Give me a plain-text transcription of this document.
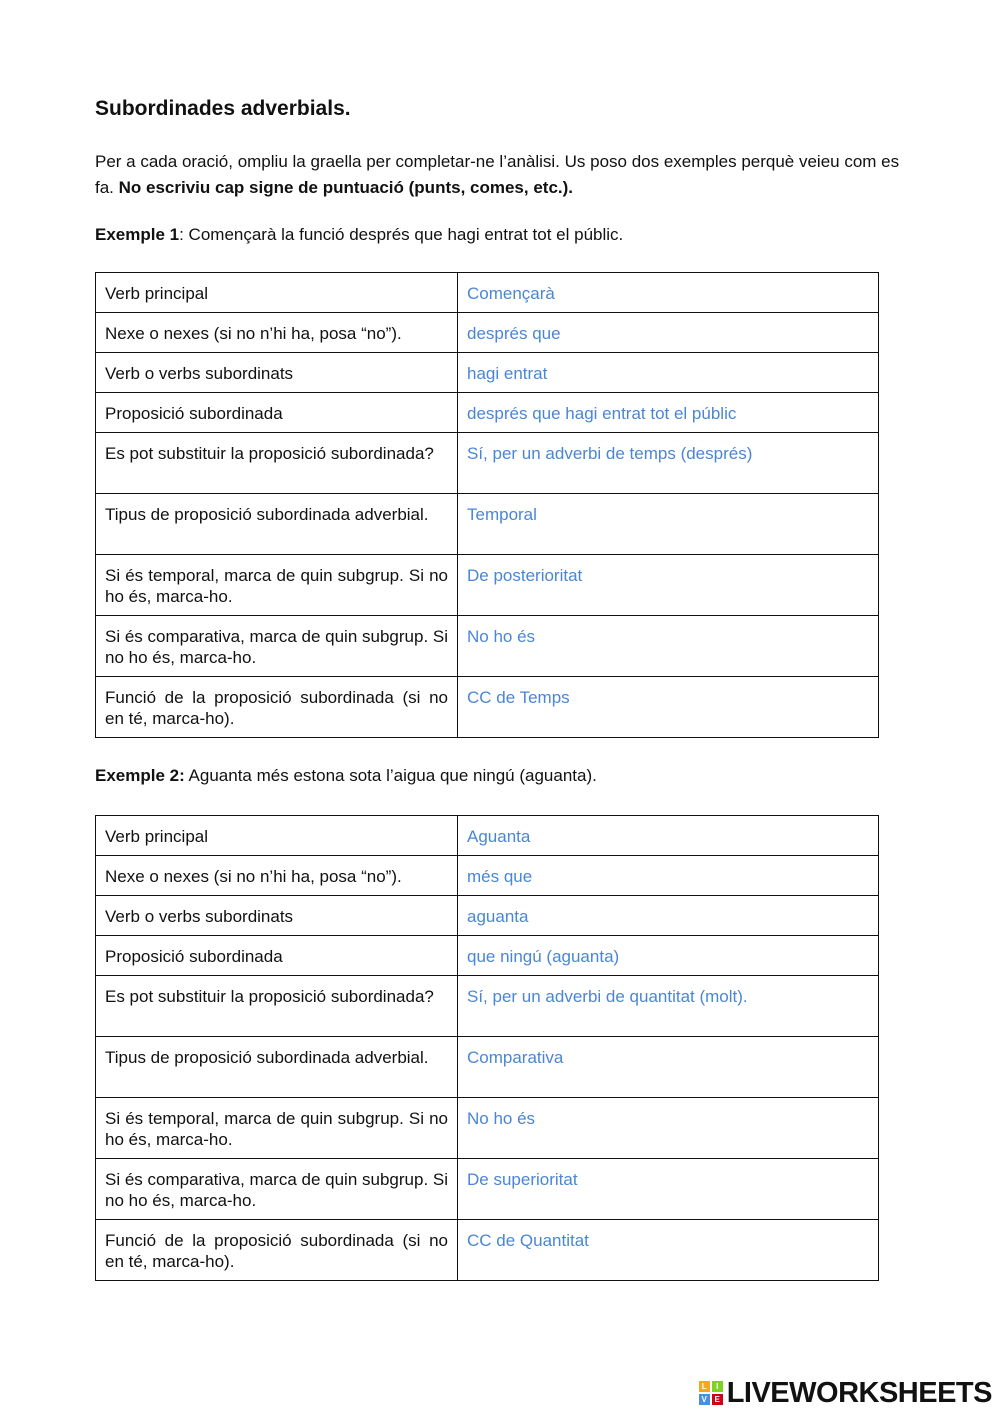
Subordinades adverbials.

Per a cada oració, ompliu la graella per completar-ne l’anàlisi. Us poso dos exemples perquè veieu com es fa. No escriviu cap signe de puntuació (punts, comes, etc.).

Exemple 1: Començarà la funció després que hagi entrat tot el públic.

Verb principal	Començarà
Nexe o nexes (si no n’hi ha, posa “no”).	després que
Verb o verbs subordinats	hagi entrat
Proposició subordinada	després que hagi entrat tot el públic
Es pot substituir la proposició subordinada?	Sí, per un adverbi de temps (després)
Tipus de proposició subordinada adverbial.	Temporal
Si és temporal, marca de quin subgrup. Si no ho és, marca-ho.	De posterioritat
Si és comparativa, marca de quin subgrup. Si no ho és, marca-ho.	No ho és
Funció de la proposició subordinada (si no en té, marca-ho).	CC de Temps

Exemple 2: Aguanta més estona sota l’aigua que ningú (aguanta).

Verb principal	Aguanta
Nexe o nexes (si no n’hi ha, posa “no”).	més que
Verb o verbs subordinats	aguanta
Proposició subordinada	que ningú (aguanta)
Es pot substituir la proposició subordinada?	Sí, per un adverbi de quantitat (molt).
Tipus de proposició subordinada adverbial.	Comparativa
Si és temporal, marca de quin subgrup. Si no ho és, marca-ho.	No ho és
Si és comparativa, marca de quin subgrup. Si no ho és, marca-ho.	De superioritat
Funció de la proposició subordinada (si no en té, marca-ho).	CC de Quantitat
L	I
V E LIVEWORKSHEETS
